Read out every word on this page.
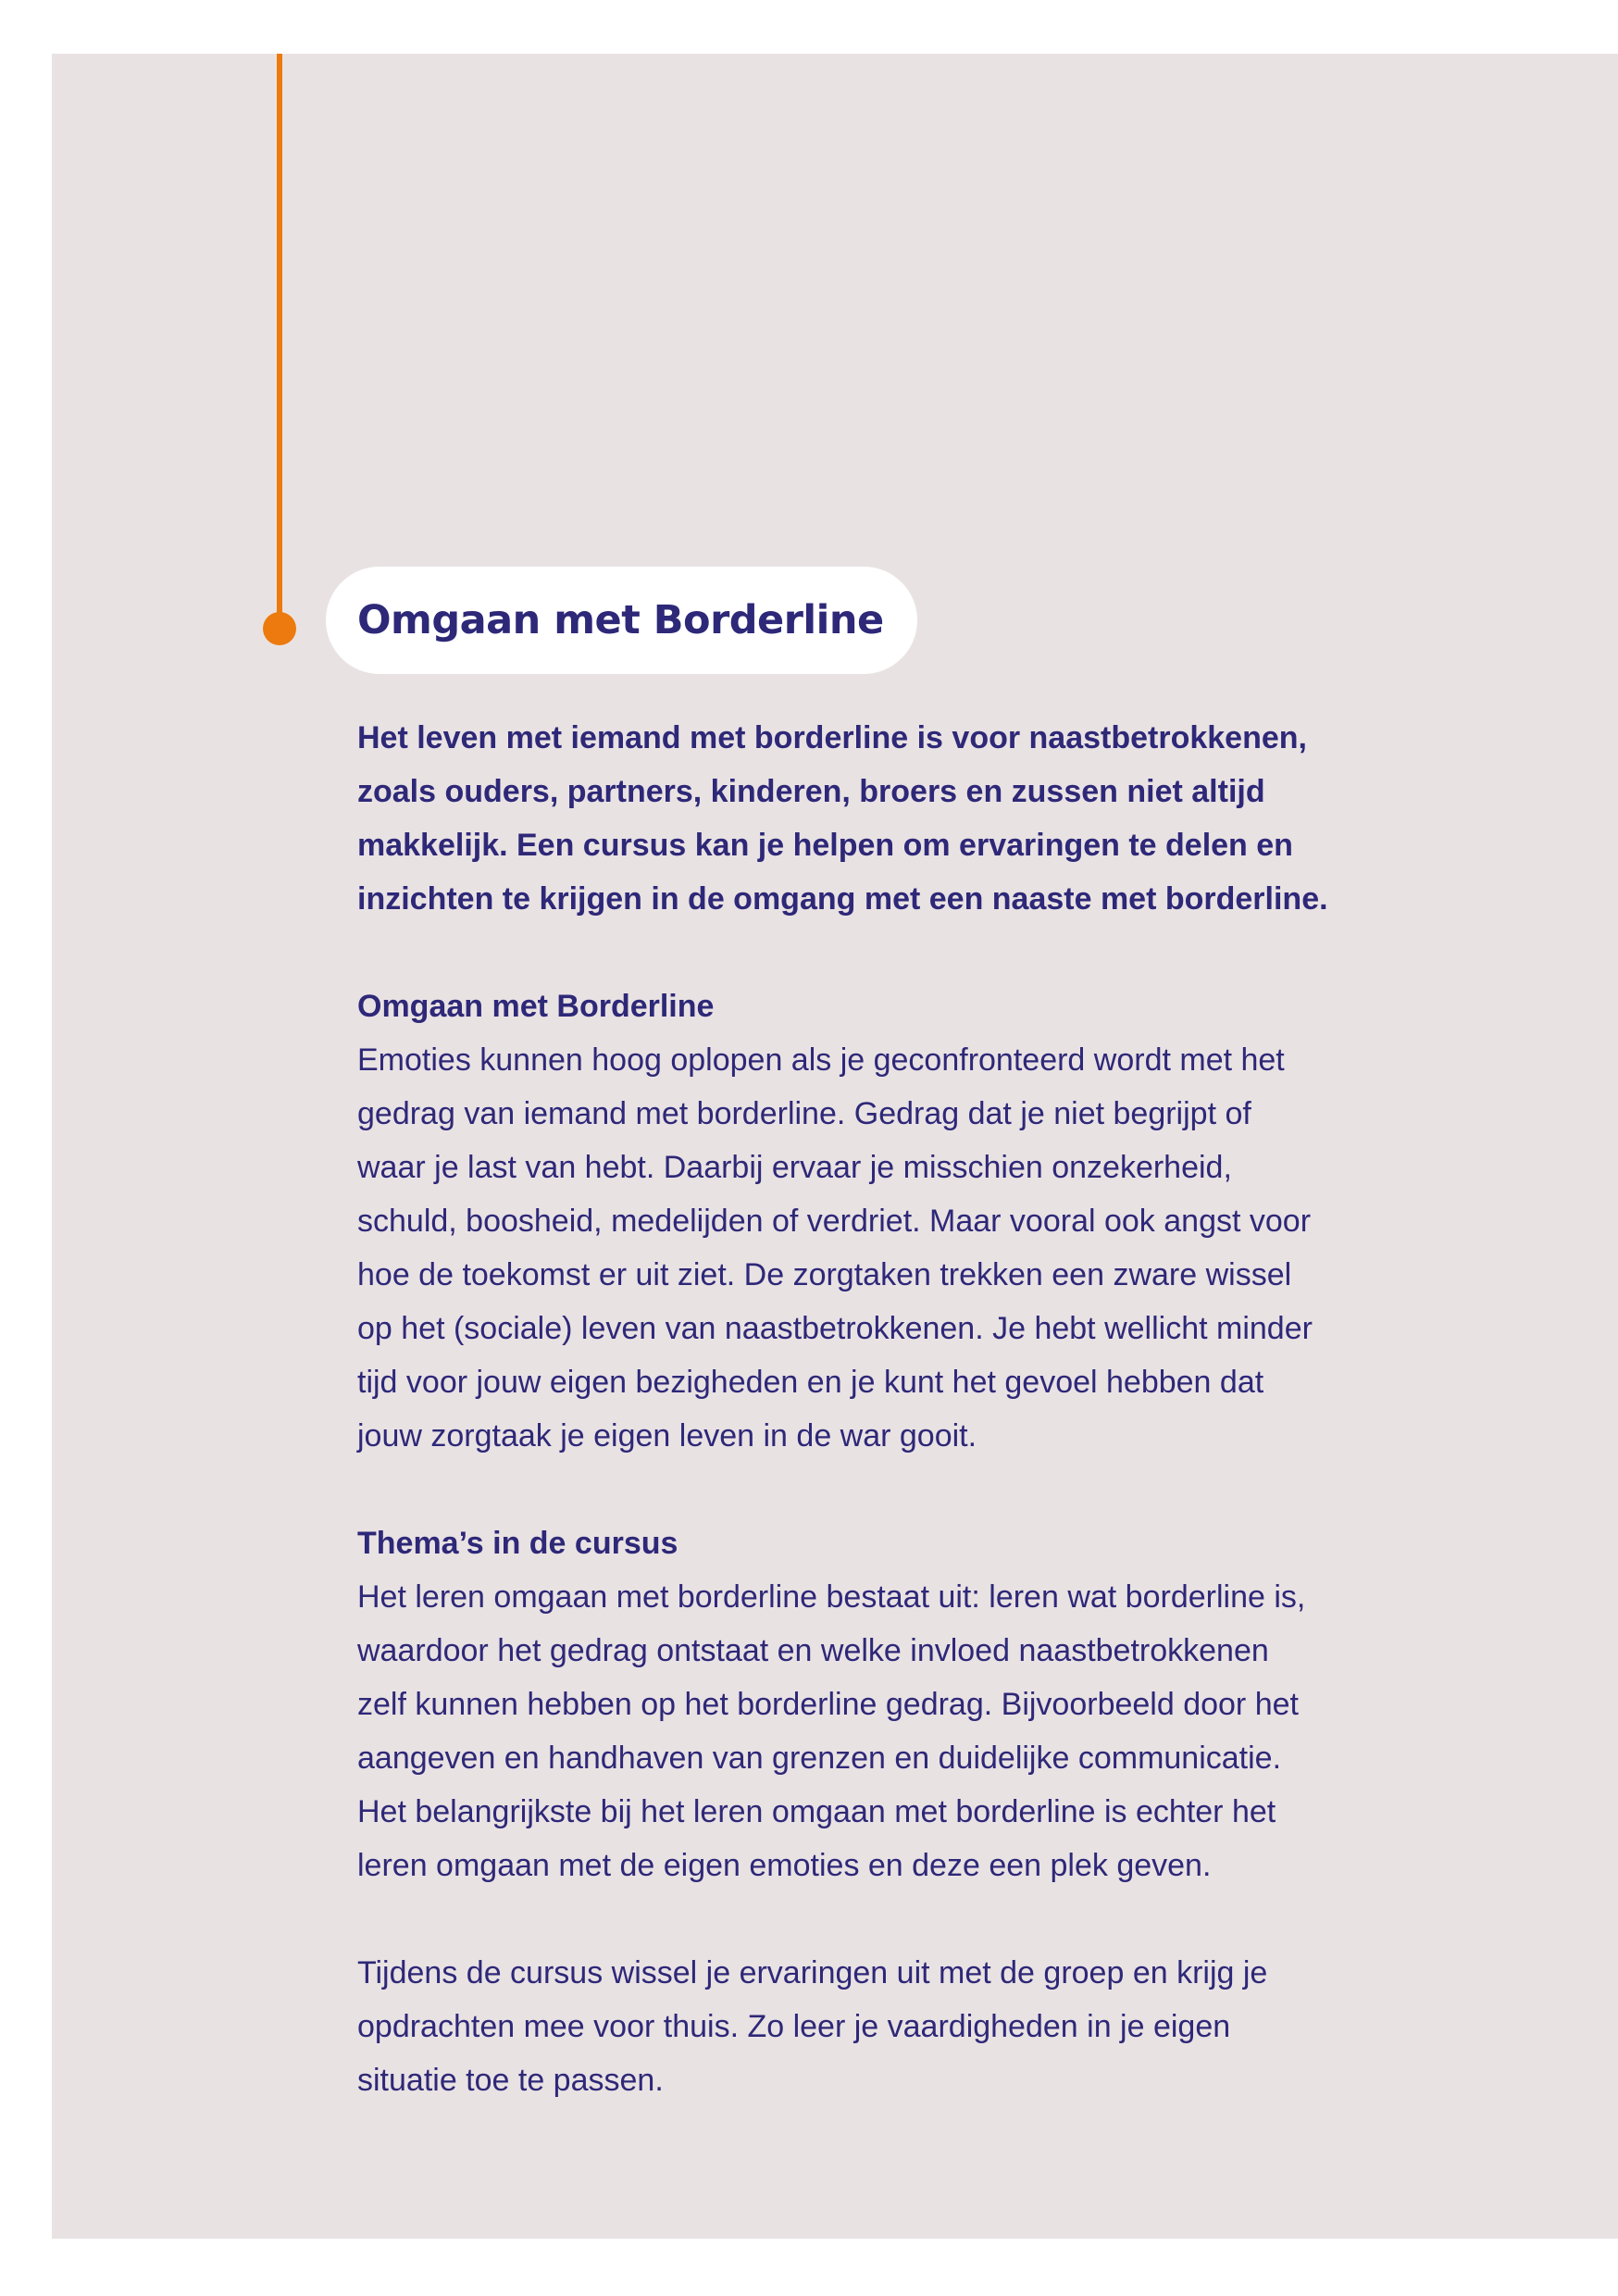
Omgaan met Borderline

Het leven met iemand met borderline is voor naastbetrokkenen,
zoals ouders, partners, kinderen, broers en zussen niet altijd
makkelijk. Een cursus kan je helpen om ervaringen te delen en
inzichten te krijgen in de omgang met een naaste met borderline.

Omgaan met Borderline

Emoties kunnen hoog oplopen als je geconfronteerd wordt met het
gedrag van iemand met borderline. Gedrag dat je niet begrijpt of
waar je last van hebt. Daarbij ervaar je misschien onzekerheid,
schuld, boosheid, medelijden of verdriet. Maar vooral ook angst voor
hoe de toekomst er uit ziet. De zorgtaken trekken een zware wissel
op het (sociale) leven van naastbetrokkenen. Je hebt wellicht minder
tijd voor jouw eigen bezigheden en je kunt het gevoel hebben dat
jouw zorgtaak je eigen leven in de war gooit.

Thema’s in de cursus

Het leren omgaan met borderline bestaat uit: leren wat borderline is,
waardoor het gedrag ontstaat en welke invloed naastbetrokkenen
zelf kunnen hebben op het borderline gedrag. Bijvoorbeeld door het
aangeven en handhaven van grenzen en duidelijke communicatie.
Het belangrijkste bij het leren omgaan met borderline is echter het
leren omgaan met de eigen emoties en deze een plek geven.

Tijdens de cursus wissel je ervaringen uit met de groep en krijg je
opdrachten mee voor thuis. Zo leer je vaardigheden in je eigen
situatie toe te passen.
